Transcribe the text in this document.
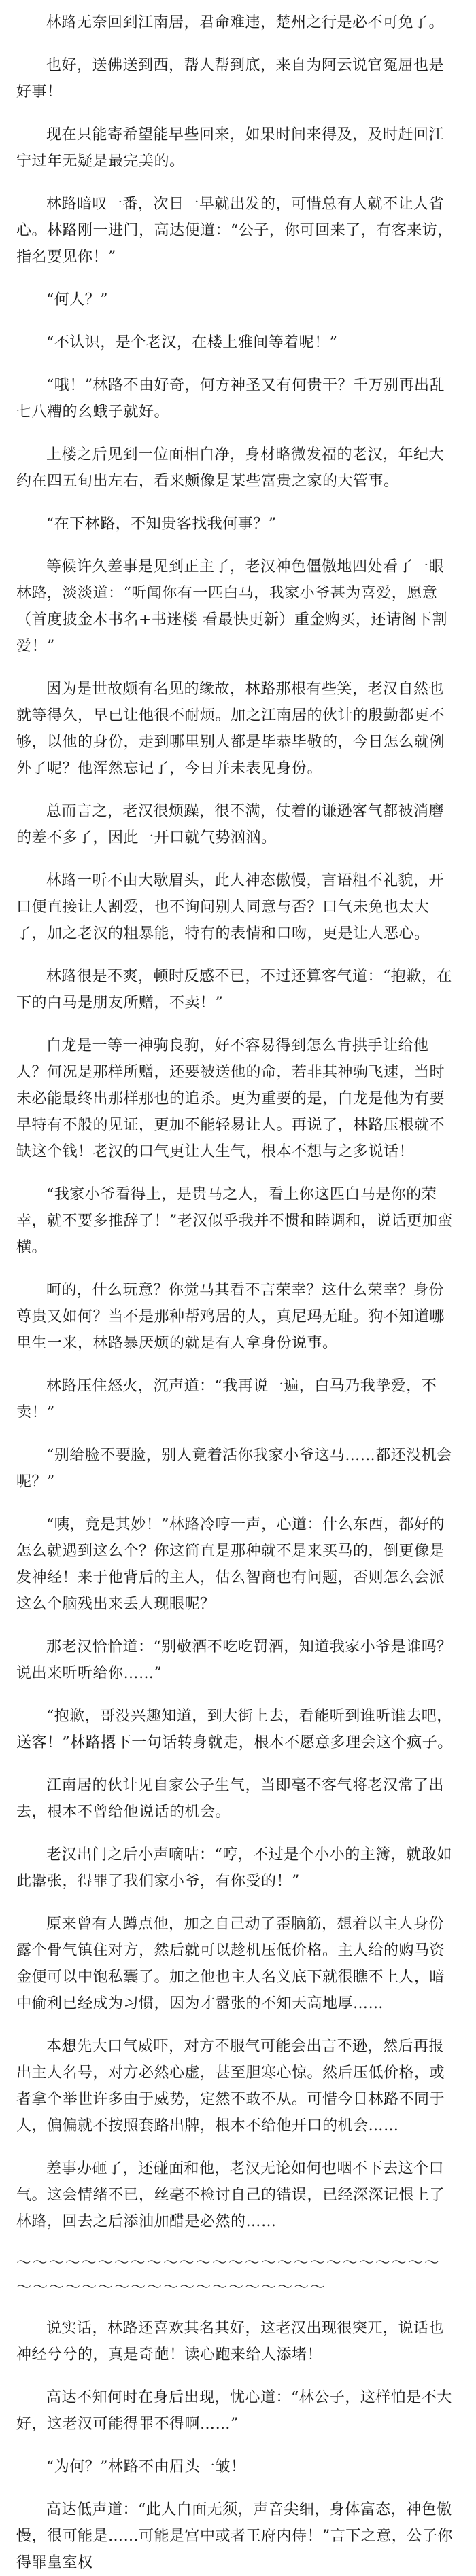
林路无奈回到江南居，君命难违，楚州之行是必不可免了。

也好，送佛送到西，帮人帮到底，来自为阿云说官冤屈也是好事！

现在只能寄希望能早些回来，如果时间来得及，及时赶回江宁过年无疑是最完美的。

林路暗叹一番，次日一早就出发的，可惜总有人就不让人省心。林路刚一进门，高达便道：“公子，你可回来了，有客来访，指名要见你！”

“何人？”

“不认识，是个老汉，在楼上雅间等着呢！”

“哦！”林路不由好奇，何方神圣又有何贵干？千万别再出乱七八糟的幺蛾子就好。

上楼之后见到一位面相白净，身材略微发福的老汉，年纪大约在四五旬出左右，看来颇像是某些富贵之家的大管事。

“在下林路，不知贵客找我何事？”

等候许久差事是见到正主了，老汉神色僵傲地四处看了一眼林路，淡淡道：“听闻你有一匹白马，我家小爷甚为喜爱，愿意（首度披金本书名+书迷楼 看最快更新）重金购买，还请阁下割爱！”

因为是世故颇有名见的缘故，林路那根有些笑，老汉自然也就等得久，早已让他很不耐烦。加之江南居的伙计的殷勤都更不够，以他的身份，走到哪里别人都是毕恭毕敬的，今日怎么就例外了呢？他浑然忘记了，今日并未表见身份。

总而言之，老汉很烦躁，很不满，仗着的谦逊客气都被消磨的差不多了，因此一开口就气势汹汹。

林路一听不由大歇眉头，此人神态傲慢，言语粗不礼貌，开口便直接让人割爱，也不询问别人同意与否？口气未免也太大了，加之老汉的粗暴能，特有的表情和口吻，更是让人恶心。

林路很是不爽，顿时反感不已，不过还算客气道：“抱歉，在下的白马是朋友所赠，不卖！”

白龙是一等一神驹良驹，好不容易得到怎么肯拱手让给他人？何况是那样所赠，还要被送他的命，若非其神驹飞速，当时未必能最终出那样那也的追杀。更为重要的是，白龙是他为有要早特有不般的见证，更加不能轻易让人。再说了，林路压根就不缺这个钱！老汉的口气更让人生气，根本不想与之多说话！

“我家小爷看得上，是贵马之人，看上你这匹白马是你的荣幸，就不要多推辞了！”老汉似乎我并不惯和睦调和，说话更加蛮横。

呵的，什么玩意？你觉马其看不言荣幸？这什么荣幸？身份尊贵又如何？当不是那种帮鸡居的人，真尼玛无耻。狗不知道哪里生一来，林路暴厌烦的就是有人拿身份说事。

林路压住怒火，沉声道：“我再说一遍，白马乃我挚爱，不卖！”

“别给脸不要脸，别人竟着活你我家小爷这马……都还没机会呢？”

“咦，竟是其妙！”林路冷哼一声，心道：什么东西，都好的怎么就遇到这么个？你这简直是那种就不是来买马的，倒更像是发神经！来于他背后的主人，估么智商也有问题，否则怎么会派这么个脑残出来丢人现眼呢？

那老汉恰恰道：“别敬酒不吃吃罚酒，知道我家小爷是谁吗？说出来听听给你……”

“抱歉，哥没兴趣知道，到大街上去，看能听到谁听谁去吧，送客！”林路撂下一句话转身就走，根本不愿意多理会这个疯子。

江南居的伙计见自家公子生气，当即毫不客气将老汉常了出去，根本不曾给他说话的机会。

老汉出门之后小声嘀咕：“哼，不过是个小小的主簿，就敢如此嚣张，得罪了我们家小爷，有你受的！”

原来曾有人蹲点他，加之自己动了歪脑筋，想着以主人身份露个骨气镇住对方，然后就可以趁机压低价格。主人给的购马资金便可以中饱私囊了。加之他也主人名义底下就很瞧不上人，暗中偷利已经成为习惯，因为才嚣张的不知天高地厚……

本想先大口气威吓，对方不服气可能会出言不逊，然后再报出主人名号，对方必然心虚，甚至胆寒心惊。然后压低价格，或者拿个举世许多由于威势，定然不敢不从。可惜今日林路不同于人，偏偏就不按照套路出牌，根本不给他开口的机会……

差事办砸了，还碰面和他，老汉无论如何也咽不下去这个口气。这会情绪不已，丝毫不检讨自己的错误，已经深深记恨上了林路，回去之后添油加醋是必然的……

～～～～～～～～～～～～～～～～～～～～～～～～～～～～～～～～～～～～～～～～～～～～～

说实话，林路还喜欢其名其好，这老汉出现很突兀，说话也神经兮兮的，真是奇葩！读心跑来给人添堵！

高达不知何时在身后出现，忧心道：“林公子，这样怕是不大好，这老汉可能得罪不得啊……”

“为何？”林路不由眉头一皱！

高达低声道：“此人白面无须，声音尖细，身体富态，神色傲慢，很可能是……可能是宫中或者王府内侍！”言下之意，公子你得罪皇室权
